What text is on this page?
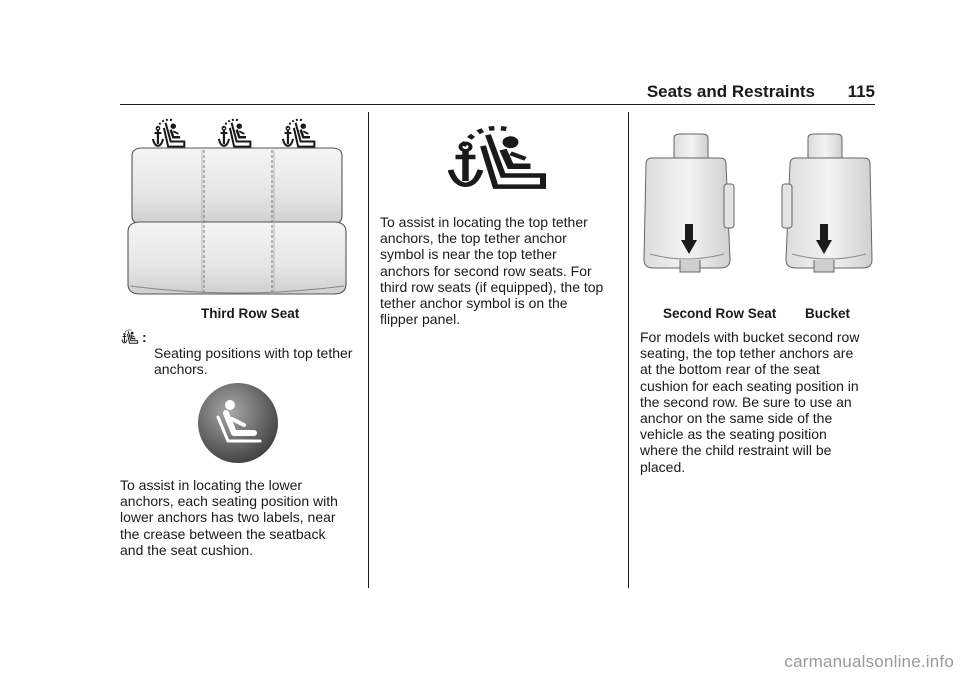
Seats and Restraints 115
Third Row Seat
:

Seating positions with top tether anchors.

To assist in locating the lower
anchors, each seating position with
lower anchors has two labels, near
the crease between the seatback
and the seat cushion.
To assist in locating the top tether
anchors, the top tether anchor
symbol is near the top tether
anchors for second row seats. For
third row seats (if equipped), the top
tether anchor symbol is on the
flipper panel.	Second Row Seat Bucket
For models with bucket second row
seating, the top tether anchors are
at the bottom rear of the seat
cushion for each seating position in
the second row. Be sure to use an
anchor on the same side of the
vehicle as the seating position
where the child restraint will be
placed.
carmanualsonline.info
